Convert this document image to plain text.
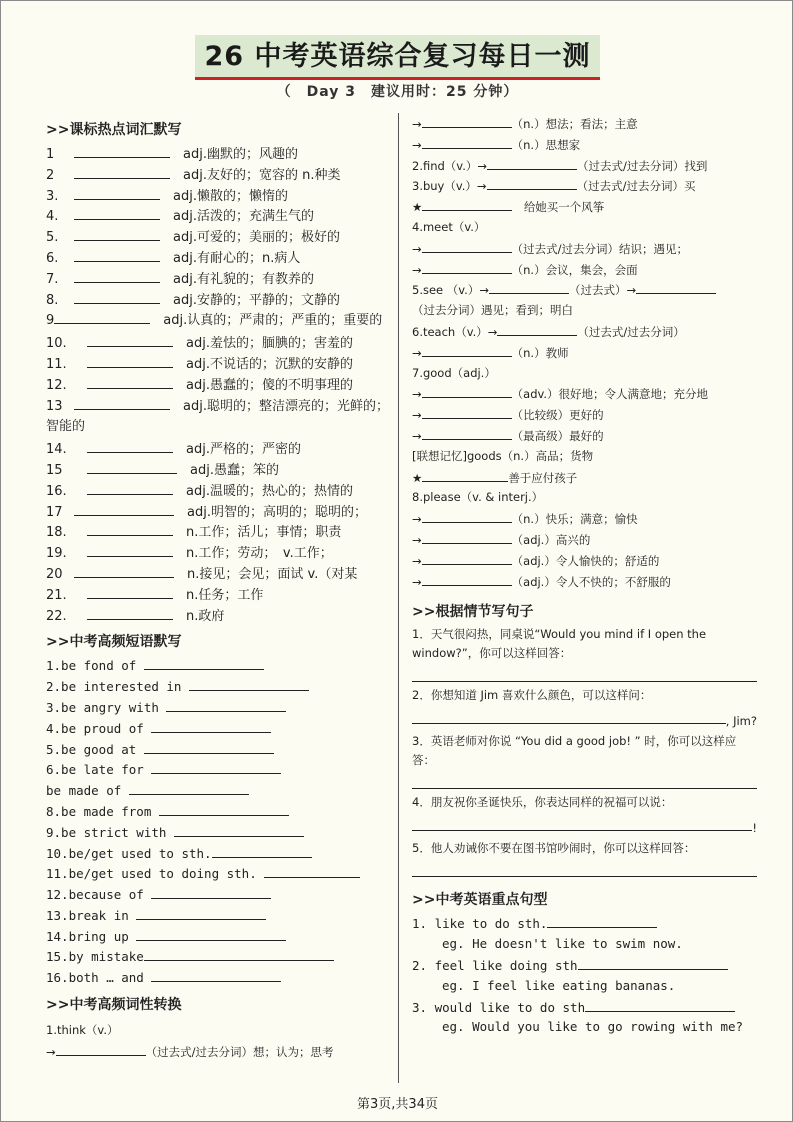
26 中考英语综合复习每日一测
（　Day 3　建议用时：25 分钟）
>>课标热点词汇默写
1　	adj.幽默的；风趣的
2　	adj.友好的；宽容的 n.种类
3.　	adj.懒散的；懒惰的
4.　	adj.活泼的；充满生气的
5.　	adj.可爱的；美丽的；极好的
6.　	adj.有耐心的；n.病人
7.　	adj.有礼貌的；有教养的
8.　	adj.安静的；平静的；文静的
9　	adj.认真的；严肃的；严重的；重要的
10.　　	adj.羞怯的；腼腆的；害羞的
11.　　	adj.不说话的；沉默的安静的
12.　　	adj.愚蠢的；傻的不明事理的
13　	adj.聪明的；整洁漂亮的；光鲜的；智能的
14.　　	adj.严格的；严密的
15　　	adj.愚蠢；笨的
16.　　	adj.温暖的；热心的；热情的
17　	adj.明智的；高明的；聪明的；
18.　　	n.工作；活儿；事情；职责
19.　　	n.工作；劳动；　v.工作；
20　	n.接见；会见；面试 v.（对某
21.　　	n.任务；工作
22.　　	n.政府
>>中考高频短语默写
1.be fond of
2.be interested in
3.be angry with
4.be proud of
5.be good at
6.be late for
be made of
8.be made from
9.be strict with
10.be/get used to sth.
11.be/get used to doing sth.
12.because of
13.break in
14.bring up
15.by mistake
16.both … and
>>中考高频词性转换
1.think（v.）
→	（过去式/过去分词）想；认为；思考
→	（n.）想法；看法；主意
→	（n.）思想家
2.find（v.）→	（过去式/过去分词）找到
3.buy（v.）→	（过去式/过去分词）买
★　	给她买一个风筝
4.meet（v.）
→	（过去式/过去分词）结识；遇见；
→	（n.）会议，集会，会面
5.see （v.）→	（过去式）→
（过去分词）遇见；看到；明白
6.teach（v.）→	（过去式/过去分词）
→	（n.）教师
7.good（adj.）
→	（adv.）很好地；令人满意地；充分地
→	（比较级）更好的
→	（最高级）最好的
[联想记忆]goods（n.）高品；货物
★	善于应付孩子
8.please（v. & interj.）
→	（n.）快乐；满意；愉快
→	（adj.）高兴的
→	（adj.）令人愉快的；舒适的
→	（adj.）令人不快的；不舒服的
>>根据情节写句子
1．天气很闷热，同桌说“Would you mind if I open the window?”，你可以这样回答：
2．你想知道 Jim 喜欢什么颜色，可以这样问：
, Jim?
3．英语老师对你说 “You did a good job! ” 时，你可以这样应答：
4．朋友祝你圣诞快乐，你表达同样的祝福可以说：
!
5．他人劝诫你不要在图书馆吵闹时，你可以这样回答：
>>中考英语重点句型
1. like to do sth.
eg. He doesn't like to swim now.
2. feel like doing sth
eg. I feel like eating bananas.
3. would like to do sth
eg. Would you like to go rowing with me?
第3页,共34页
